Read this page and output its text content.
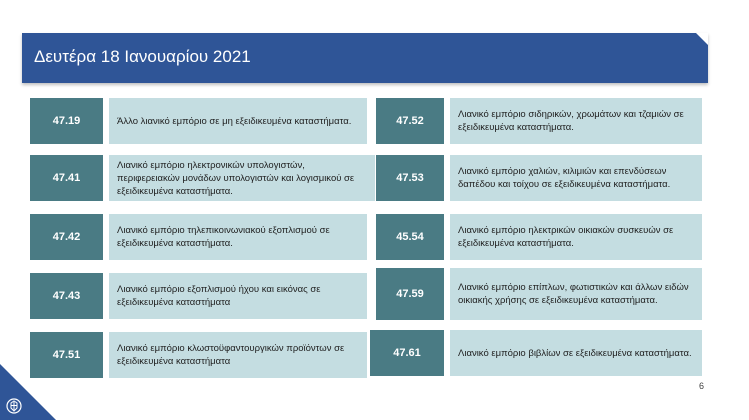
Δευτέρα 18 Ιανουαρίου 2021
47.19	Άλλο λιανικό εμπόριο σε μη εξειδικευμένα καταστήματα.
47.41
Λιανικό εμπόριο ηλεκτρονικών υπολογιστών, περιφερειακών μονάδων υπολογιστών και λογισμικού σε εξειδικευμένα καταστήματα.
47.42
Λιανικό εμπόριο τηλεπικοινωνιακού εξοπλισμού σε εξειδικευμένα καταστήματα.
47.43
Λιανικό εμπόριο εξοπλισμού ήχου και εικόνας σε εξειδικευμένα καταστήματα
47.51
Λιανικό εμπόριο κλωστοϋφαντουργικών προϊόντων σε εξειδικευμένα καταστήματα
47.52
Λιανικό εμπόριο σιδηρικών, χρωμάτων και τζαμιών σε εξειδικευμένα καταστήματα.
47.53
Λιανικό εμπόριο χαλιών, κιλιμιών και επενδύσεων δαπέδου και τοίχου σε εξειδικευμένα καταστήματα.
45.54
Λιανικό εμπόριο ηλεκτρικών οικιακών συσκευών σε εξειδικευμένα καταστήματα.
47.59
Λιανικό εμπόριο επίπλων, φωτιστικών και άλλων ειδών οικιακής χρήσης σε εξειδικευμένα καταστήματα.
47.61	Λιανικό εμπόριο βιβλίων σε εξειδικευμένα καταστήματα.
6
